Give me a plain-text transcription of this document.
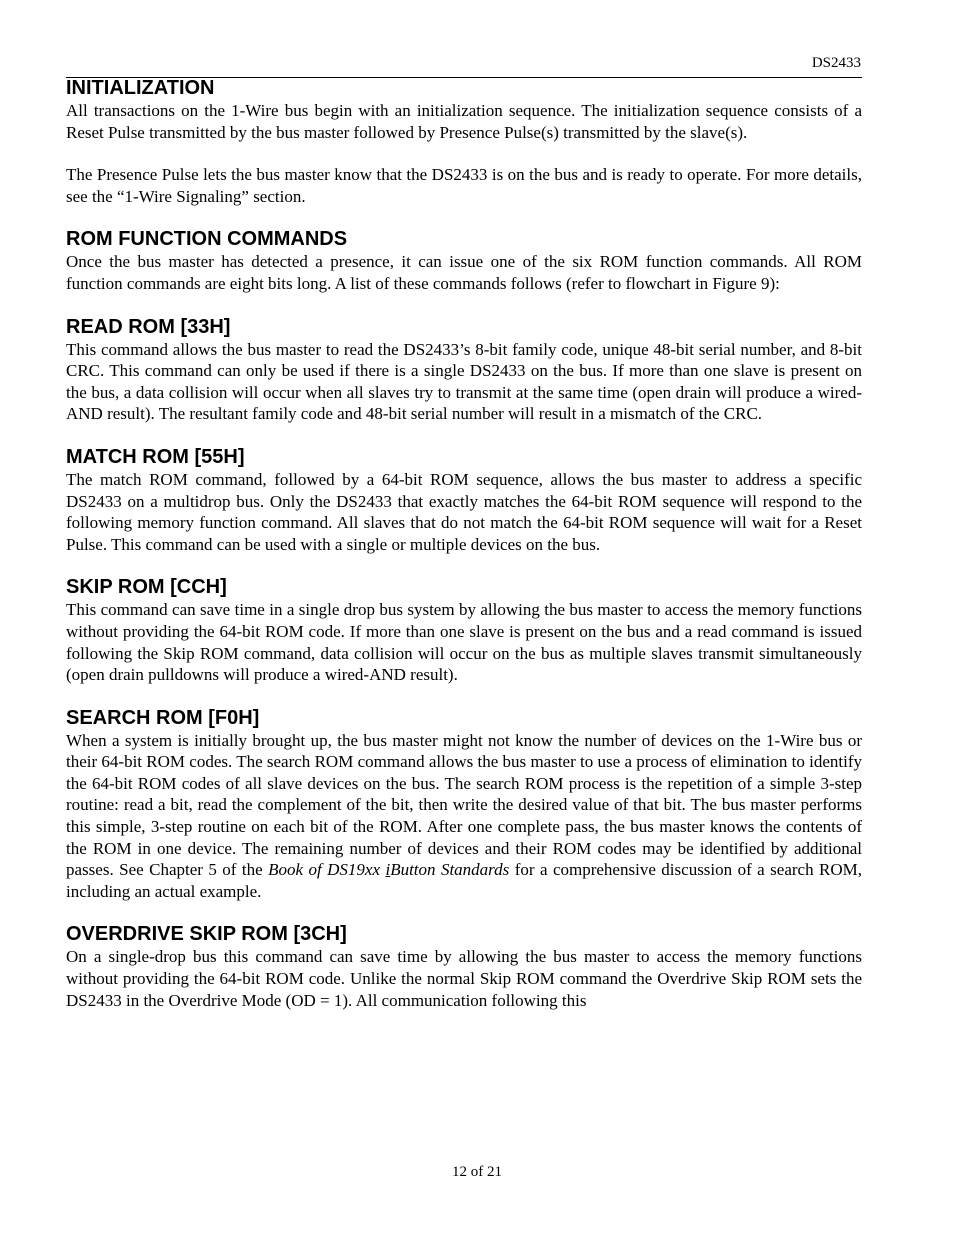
DS2433
INITIALIZATION

All transactions on the 1-Wire bus begin with an initialization sequence. The initialization sequence consists of a Reset Pulse transmitted by the bus master followed by Presence Pulse(s) transmitted by the slave(s).

The Presence Pulse lets the bus master know that the DS2433 is on the bus and is ready to operate. For more details, see the “1-Wire Signaling” section.

ROM FUNCTION COMMANDS

Once the bus master has detected a presence, it can issue one of the six ROM function commands. All ROM function commands are eight bits long. A list of these commands follows (refer to flowchart in Figure 9):

READ ROM [33H]

This command allows the bus master to read the DS2433’s 8-bit family code, unique 48-bit serial number, and 8-bit CRC. This command can only be used if there is a single DS2433 on the bus. If more than one slave is present on the bus, a data collision will occur when all slaves try to transmit at the same time (open drain will produce a wired-AND result). The resultant family code and 48-bit serial number will result in a mismatch of the CRC.

MATCH ROM [55H]

The match ROM command, followed by a 64-bit ROM sequence, allows the bus master to address a specific DS2433 on a multidrop bus. Only the DS2433 that exactly matches the 64-bit ROM sequence will respond to the following memory function command. All slaves that do not match the 64-bit ROM sequence will wait for a Reset Pulse. This command can be used with a single or multiple devices on the bus.

SKIP ROM [CCH]

This command can save time in a single drop bus system by allowing the bus master to access the memory functions without providing the 64-bit ROM code. If more than one slave is present on the bus and a read command is issued following the Skip ROM command, data collision will occur on the bus as multiple slaves transmit simultaneously (open drain pulldowns will produce a wired-AND result).

SEARCH ROM [F0H]

When a system is initially brought up, the bus master might not know the number of devices on the 1-Wire bus or their 64-bit ROM codes. The search ROM command allows the bus master to use a process of elimination to identify the 64-bit ROM codes of all slave devices on the bus. The search ROM process is the repetition of a simple 3-step routine: read a bit, read the complement of the bit, then write the desired value of that bit. The bus master performs this simple, 3-step routine on each bit of the ROM. After one complete pass, the bus master knows the contents of the ROM in one device. The remaining number of devices and their ROM codes may be identified by additional passes. See Chapter 5 of the Book of DS19xx iButton Standards for a comprehensive discussion of a search ROM, including an actual example.

OVERDRIVE SKIP ROM [3CH]

On a single-drop bus this command can save time by allowing the bus master to access the memory functions without providing the 64-bit ROM code. Unlike the normal Skip ROM command the Overdrive Skip ROM sets the DS2433 in the Overdrive Mode (OD = 1). All communication following this

12 of 21
